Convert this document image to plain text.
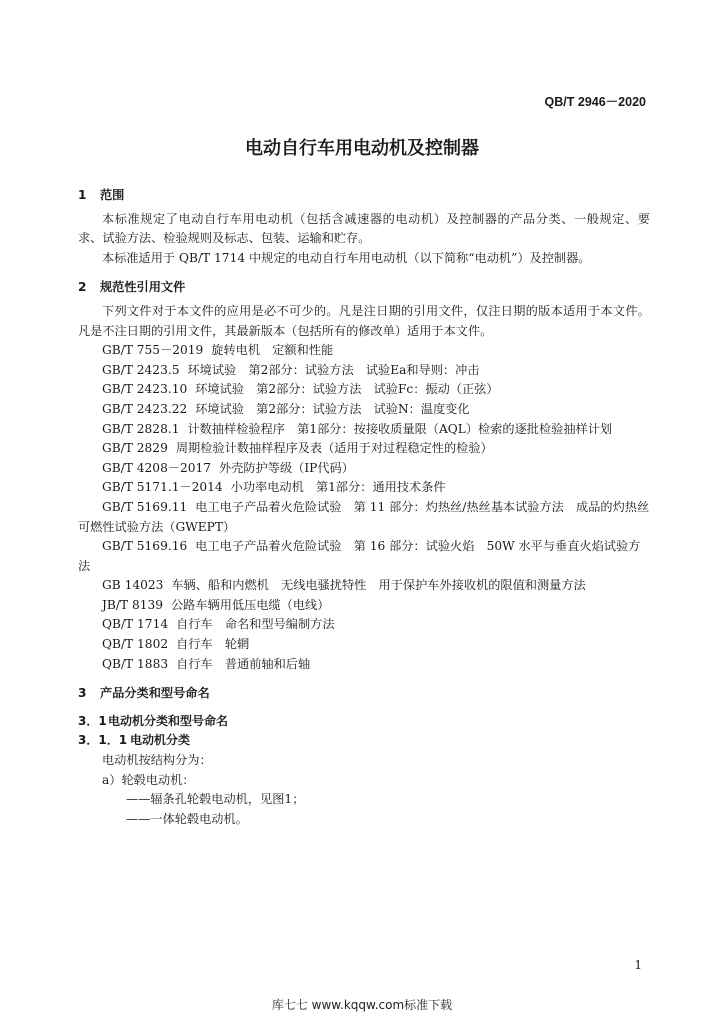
QB/T 2946－2020
电动自行车用电动机及控制器
1 范围

本标准规定了电动自行车用电动机（包括含减速器的电动机）及控制器的产品分类、一般规定、要求、试验方法、检验规则及标志、包装、运输和贮存。

本标准适用于 QB/T 1714 中规定的电动自行车用电动机（以下简称“电动机”）及控制器。

2 规范性引用文件

下列文件对于本文件的应用是必不可少的。凡是注日期的引用文件，仅注日期的版本适用于本文件。凡是不注日期的引用文件，其最新版本（包括所有的修改单）适用于本文件。

GB/T 755－2019 旋转电机　定额和性能

GB/T 2423.5 环境试验　第2部分：试验方法　试验Ea和导则：冲击

GB/T 2423.10 环境试验　第2部分：试验方法　试验Fc：振动（正弦）

GB/T 2423.22 环境试验　第2部分：试验方法　试验N：温度变化

GB/T 2828.1 计数抽样检验程序　第1部分：按接收质量限（AQL）检索的逐批检验抽样计划

GB/T 2829 周期检验计数抽样程序及表（适用于对过程稳定性的检验）

GB/T 4208－2017 外壳防护等级（IP代码）

GB/T 5171.1－2014 小功率电动机　第1部分：通用技术条件

GB/T 5169.11 电工电子产品着火危险试验　第 11 部分：灼热丝/热丝基本试验方法　成品的灼热丝可燃性试验方法（GWEPT）

GB/T 5169.16 电工电子产品着火危险试验　第 16 部分：试验火焰　50W 水平与垂直火焰试验方法

GB 14023 车辆、船和内燃机　无线电骚扰特性　用于保护车外接收机的限值和测量方法

JB/T 8139 公路车辆用低压电缆（电线）

QB/T 1714 自行车　命名和型号编制方法

QB/T 1802 自行车　轮辋

QB/T 1883 自行车　普通前轴和后轴

3 产品分类和型号命名
3．1电动机分类和型号命名
3．1．1 电动机分类

电动机按结构分为：

a）轮毂电动机：

——辐条孔轮毂电动机，见图1；

——一体轮毂电动机。

1
库七七 www.kqqw.com标准下载
